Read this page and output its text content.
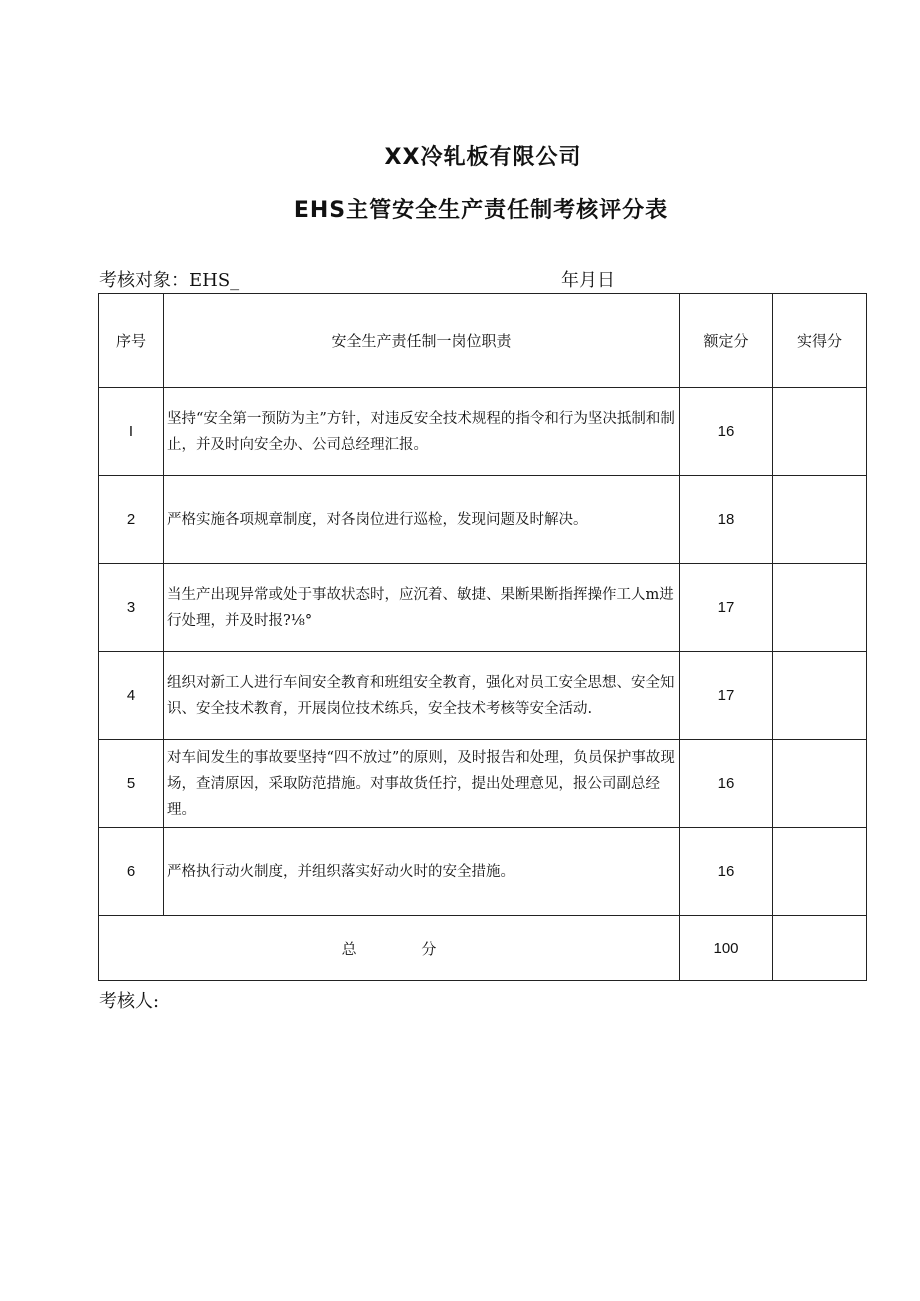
XX冷轧板有限公司
EHS主管安全生产责任制考核评分表
考核对象：EHS_	年月日
序号	安全生产责任制一岗位职责	额定分	实得分
I	坚持“安全第一预防为主”方针，对违反安全技术规程的指令和行为坚决抵制和制止，并及时向安全办、公司总经理汇报。	16	
2	严格实施各项规章制度，对各岗位进行巡检，发现问题及时解决。	18	
3	当生产出现异常或处于事故状态时，应沉着、敏捷、果断果断指挥操作工人m进行处理，并及时报?⅛°	17	
4	组织对新工人进行车间安全教育和班组安全教育，强化对员工安全思想、安全知识、安全技术教育，开展岗位技术练兵，安全技术考核等安全活动.	17	
5	对车间发生的事故要坚持“四不放过”的原则，及时报告和处理，负员保护事故现场，查清原因，采取防范措施。对事故货任拧，提出处理意见，报公司副总经理。	16	
6	严格执行动火制度，并组织落实好动火时的安全措施。	16	
总 分		100	
考核人:
